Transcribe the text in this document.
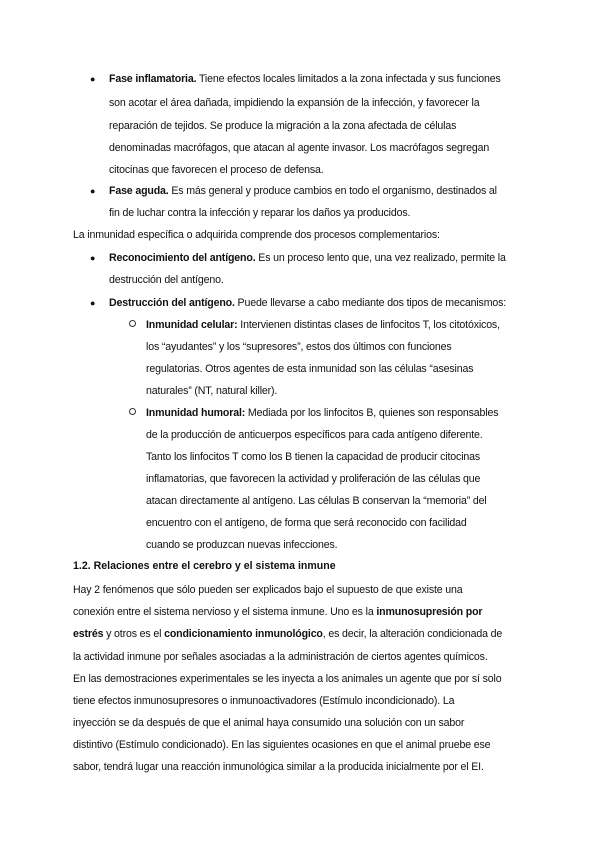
● Fase inflamatoria. Tiene efectos locales limitados a la zona infectada y sus funciones
son acotar el área dañada, impidiendo la expansión de la infección, y favorecer la
reparación de tejidos. Se produce la migración a la zona afectada de células
denominadas macrófagos, que atacan al agente invasor. Los macrófagos segregan
citocinas que favorecen el proceso de defensa.
● Fase aguda. Es más general y produce cambios en todo el organismo, destinados al
fin de luchar contra la infección y reparar los daños ya producidos.
La inmunidad específica o adquirida comprende dos procesos complementarios:
● Reconocimiento del antígeno. Es un proceso lento que, una vez realizado, permite la
destrucción del antígeno.
● Destrucción del antígeno. Puede llevarse a cabo mediante dos tipos de mecanismos:
Inmunidad celular: Intervienen distintas clases de linfocitos T, los citotóxicos,
los “ayudantes” y los “supresores”, estos dos últimos con funciones
regulatorias. Otros agentes de esta inmunidad son las células “asesinas
naturales” (NT, natural killer).
Inmunidad humoral: Mediada por los linfocitos B, quienes son responsables
de la producción de anticuerpos específicos para cada antígeno diferente.
Tanto los linfocitos T como los B tienen la capacidad de producir citocinas
inflamatorias, que favorecen la actividad y proliferación de las células que
atacan directamente al antígeno. Las células B conservan la “memoria” del
encuentro con el antígeno, de forma que será reconocido con facilidad
cuando se produzcan nuevas infecciones.
1.2. Relaciones entre el cerebro y el sistema inmune
Hay 2 fenómenos que sólo pueden ser explicados bajo el supuesto de que existe una
conexión entre el sistema nervioso y el sistema inmune. Uno es la inmunosupresión por
estrés y otros es el condicionamiento inmunológico, es decir, la alteración condicionada de
la actividad inmune por señales asociadas a la administración de ciertos agentes químicos.
En las demostraciones experimentales se les inyecta a los animales un agente que por sí solo
tiene efectos inmunosupresores o inmunoactivadores (Estímulo incondicionado). La
inyección se da después de que el animal haya consumido una solución con un sabor
distintivo (Estímulo condicionado). En las siguientes ocasiones en que el animal pruebe ese
sabor, tendrá lugar una reacción inmunológica similar a la producida inicialmente por el EI.
